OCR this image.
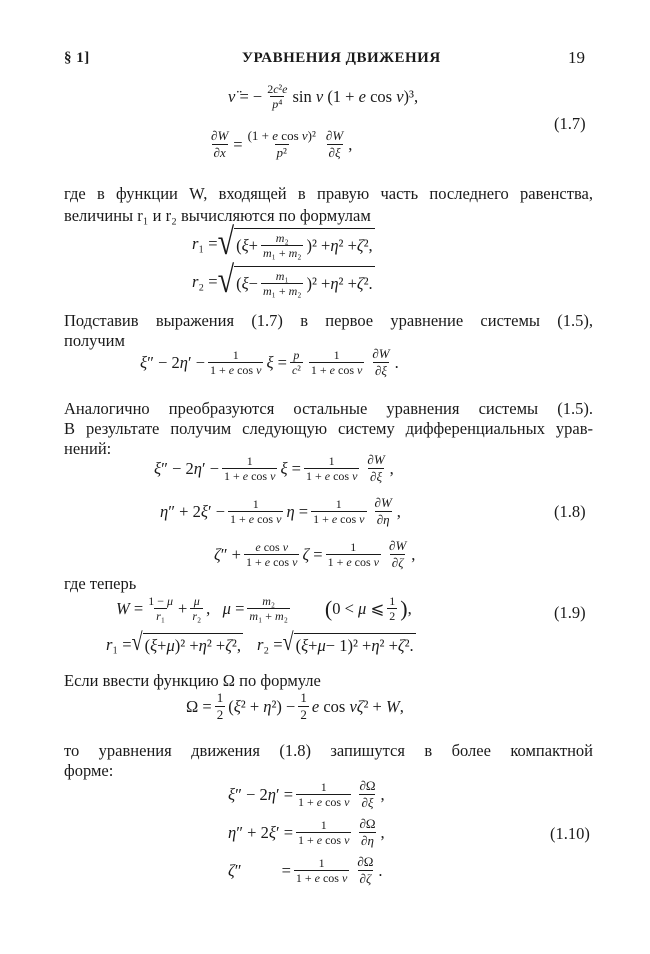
§ 1]	УРАВНЕНИЯ ДВИЖЕНИЯ	19
ν̈ = − $\frac{\text{2c²e}}{\text{p⁴}}$ sin ν (1 + e cos ν)³,
$\frac{\partial W}{\partial x} = \frac{\text{(1 + e cos ν)²}}{\text{p²}} \frac{\partial W}{\partial\xi}$ ,
(1.7)
где в функции W, входящей в правую часть последнего равенства,
величины r₁ и r₂ вычисляются по формулам
r₁ = √ ( $\xi + \frac{\text{m₂}}{\text{m₁ + m₂}} )^2 + \eta$ ² + ζ ²,
r₂ = √ ( $\xi - \frac{\text{m₁}}{\text{m₁ + m₂}} )^2 + \eta$ ² + ζ ².
Подставив выражения (1.7) в первое уравнение системы (1.5),
получим
$\xi'' - 2\eta' - \frac{1}{\text{1 + e cos ν}}$ $\xi = \frac{p}{\text{c²}} \frac{1}{\text{1 + e cos ν}} \frac{\partial W}{\partial\xi}$ .
Аналогично преобразуются остальные уравнения системы (1.5).
В результате получим следующую систему дифференциальных урав-
нений:
$\xi'' - 2\eta' - \frac{1}{\text{1 + e cos ν}}$ $\xi = \frac{1}{\text{1 + e cos ν}} \frac{\partial W}{\partial\xi}$ ,
$\eta'' + 2\xi' - \frac{1}{\text{1 + e cos ν}}$ $\eta = \frac{1}{\text{1 + e cos ν}} \frac{\partial W}{\partial\eta}$ ,	(1.8)
$\zeta'' + \frac{\text{e cos ν}}{\text{1 + e cos ν}}$ $\zeta = \frac{1}{\text{1 + e cos ν}} \frac{\partial W}{\partial\zeta}$ ,
где теперь
$W = \frac{1 - \mu}{\text{r₁}} + \frac{\mu}{\text{r₂}}$ ,   $\mu = \frac{\text{m₂}}{\text{m₁ + m₂}}$ ( 0 < μ ⩽ $\frac{1}{2}$ ) ,	(1.9)
r₁ = √ ( ξ + μ )² + η ² + ζ ², r₂ = √ ( ξ + μ − 1)² + η ² + ζ ².
Если ввести функцию Ω по формуле
$\Omega = \frac{1}{2} (\xi^2 + \eta^2) - \frac{1}{2}$ e cos νζ² + W,
то уравнения движения (1.8) запишутся в более компактной
форме:
$\xi'' - 2\eta' = \frac{1}{\text{1 + e cos ν}} \frac{\partial\Omega}{\partial\xi}$ ,
$\eta'' + 2\xi' = \frac{1}{\text{1 + e cos ν}} \frac{\partial\Omega}{\partial\eta}$ ,	(1.10)
$\zeta'' = \frac{1}{\text{1 + e cos ν}} \frac{\partial\Omega}{\partial\zeta}$ .
